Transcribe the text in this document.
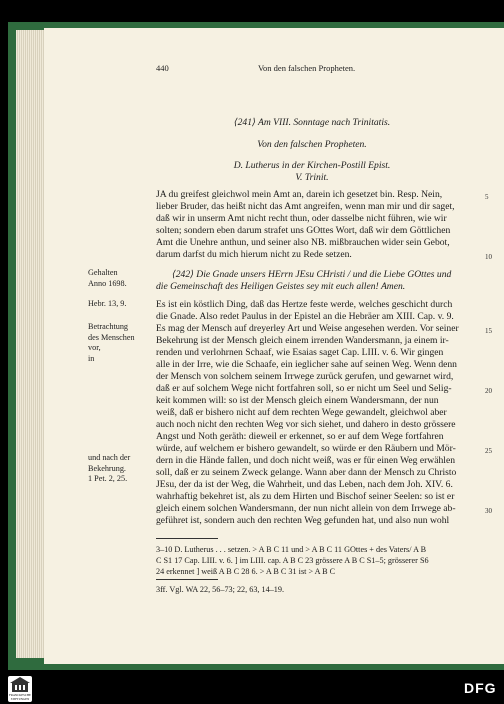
440	Von den falschen Propheten.
⟨241⟩ Am VIII. Sonntage nach Trinitatis.
Von den falschen Propheten.
D. Lutherus in der Kirchen-Postill Epist.
V. Trinit.
JA du greifest gleichwol mein Amt an, darein ich gesetzet bin. Resp. Nein,
lieber Bruder, das heißt nicht das Amt angreifen, wenn man mir und dir saget,
daß wir in unserm Amt nicht recht thun, oder dasselbe nicht führen, wie wir
solten; sondern eben darum strafet uns GOttes Wort, daß wir dem Göttlichen
Amt die Unehre anthun, und seiner also NB. mißbrauchen wider sein Gebot,
darum darfst du mich hierum nicht zu Rede setzen.
⟨242⟩ Die Gnade unsers HErrn JEsu CHristi / und die Liebe GOttes und
die Gemeinschaft des Heiligen Geistes sey mit euch allen! Amen.
Es ist ein köstlich Ding, daß das Hertze feste werde, welches geschicht durch
die Gnade. Also redet Paulus in der Epistel an die Hebräer am XIII. Cap. v. 9.
Es mag der Mensch auf dreyerley Art und Weise angesehen werden. Vor seiner
Bekehrung ist der Mensch gleich einem irrenden Wandersmann, ja einem ir-
renden und verlohrnen Schaaf, wie Esaias saget Cap. LIII. v. 6. Wir gingen
alle in der Irre, wie die Schaafe, ein ieglicher sahe auf seinen Weg. Wenn denn
der Mensch von solchem seinem Irrwege zurück gerufen, und gewarnet wird,
daß er auf solchem Wege nicht fortfahren soll, so er nicht um Seel und Selig-
keit kommen will: so ist der Mensch gleich einem Wandersmann, der nun
weiß, daß er bishero nicht auf dem rechten Wege gewandelt, gleichwol aber
auch noch nicht den rechten Weg vor sich siehet, und dahero in desto grössere
Angst und Noth geräth: dieweil er erkennet, so er auf dem Wege fortfahren
würde, auf welchem er bishero gewandelt, so würde er den Räubern und Mör-
dern in die Hände fallen, und doch nicht weiß, was er für einen Weg erwählen
soll, daß er zu seinem Zweck gelange. Wann aber dann der Mensch zu Christo
JEsu, der da ist der Weg, die Wahrheit, und das Leben, nach dem Joh. XIV. 6.
wahrhaftig bekehret ist, als zu dem Hirten und Bischof seiner Seelen: so ist er
gleich einem solchen Wandersmann, der nun nicht allein von dem Irrwege ab-
geführet ist, sondern auch den rechten Weg gefunden hat, und also nun wohl
Gehalten
Anno 1698.
Hebr. 13, 9.
Betrachtung
des Menschen
vor,
in
und nach der
Bekehrung.
1 Pet. 2, 25.
5
10
15
20
25
30
3–10 D. Lutherus . . . setzen. > A B C 11 und > A B C 11 GOttes + des Vaters/ A B
C S1 17 Cap. LIII. v. 6. ] im LIII. cap. A B C 23 grössere A B C S1–5; grösserer S6
24 erkennet ] weiß A B C 28 6. > A B C 31 ist > A B C
3ff. Vgl. WA 22, 56–73; 22, 63, 14–19.
FRANCKESCHE STIFTUNGEN
DFG
